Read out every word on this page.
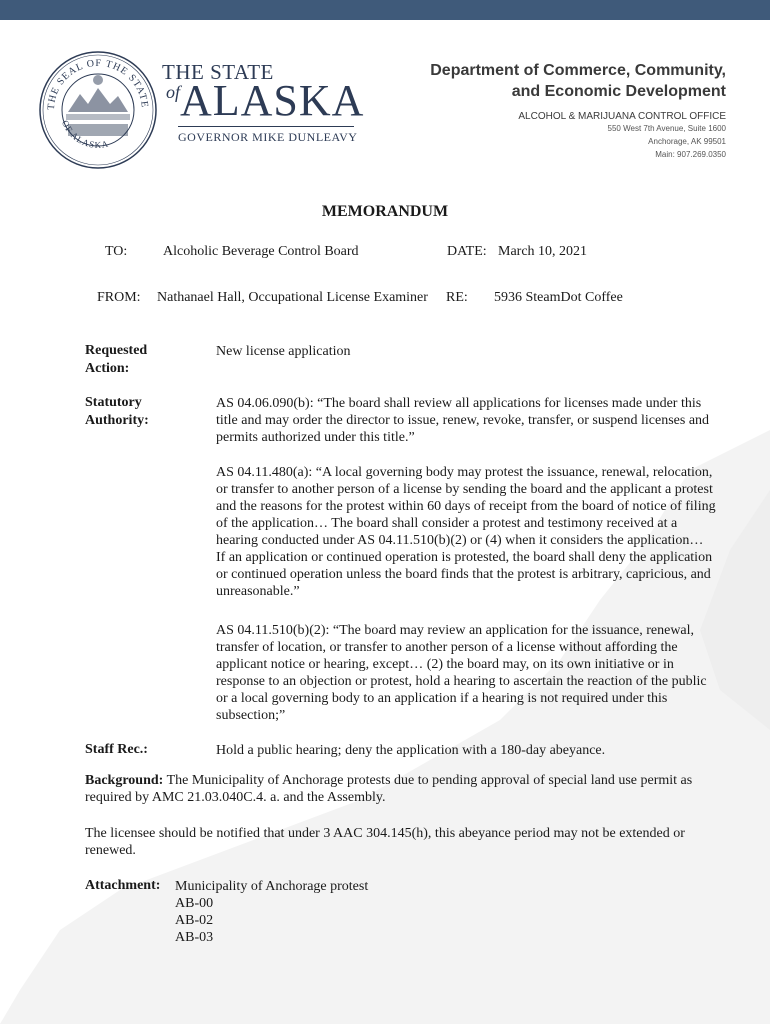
THE SEAL OF THE STATE
OF ALASKA
THE STATE
of ALASKA
GOVERNOR MIKE DUNLEAVY
Department of Commerce, Community,
and Economic Development
ALCOHOL & MARIJUANA CONTROL OFFICE
550 West 7th Avenue, Suite 1600
Anchorage, AK 99501
Main: 907.269.0350
MEMORANDUM
TO:	Alcoholic Beverage Control Board	DATE: March 10, 2021
FROM: Nathanael Hall, Occupational License Examiner RE: 5936 SteamDot Coffee
Requested
Action:
New license application
Statutory
Authority:
AS 04.06.090(b): “The board shall review all applications for licenses made under this title and may order the director to issue, renew, revoke, transfer, or suspend licenses and permits authorized under this title.”
AS 04.11.480(a): “A local governing body may protest the issuance, renewal, relocation, or transfer to another person of a license by sending the board and the applicant a protest and the reasons for the protest within 60 days of receipt from the board of notice of filing of the application… The board shall consider a protest and testimony received at a hearing conducted under AS 04.11.510(b)(2) or (4) when it considers the application… If an application or continued operation is protested, the board shall deny the application or continued operation unless the board finds that the protest is arbitrary, capricious, and unreasonable.”
AS 04.11.510(b)(2): “The board may review an application for the issuance, renewal, transfer of location, or transfer to another person of a license without affording the applicant notice or hearing, except… (2) the board may, on its own initiative or in response to an objection or protest, hold a hearing to ascertain the reaction of the public or a local governing body to an application if a hearing is not required under this subsection;”
Staff Rec.:	Hold a public hearing; deny the application with a 180-day abeyance.
Background: The Municipality of Anchorage protests due to pending approval of special land use permit as required by AMC 21.03.040C.4. a. and the Assembly.
The licensee should be notified that under 3 AAC 304.145(h), this abeyance period may not be extended or renewed.
Attachment: Municipality of Anchorage protest
AB-00
AB-02
AB-03
